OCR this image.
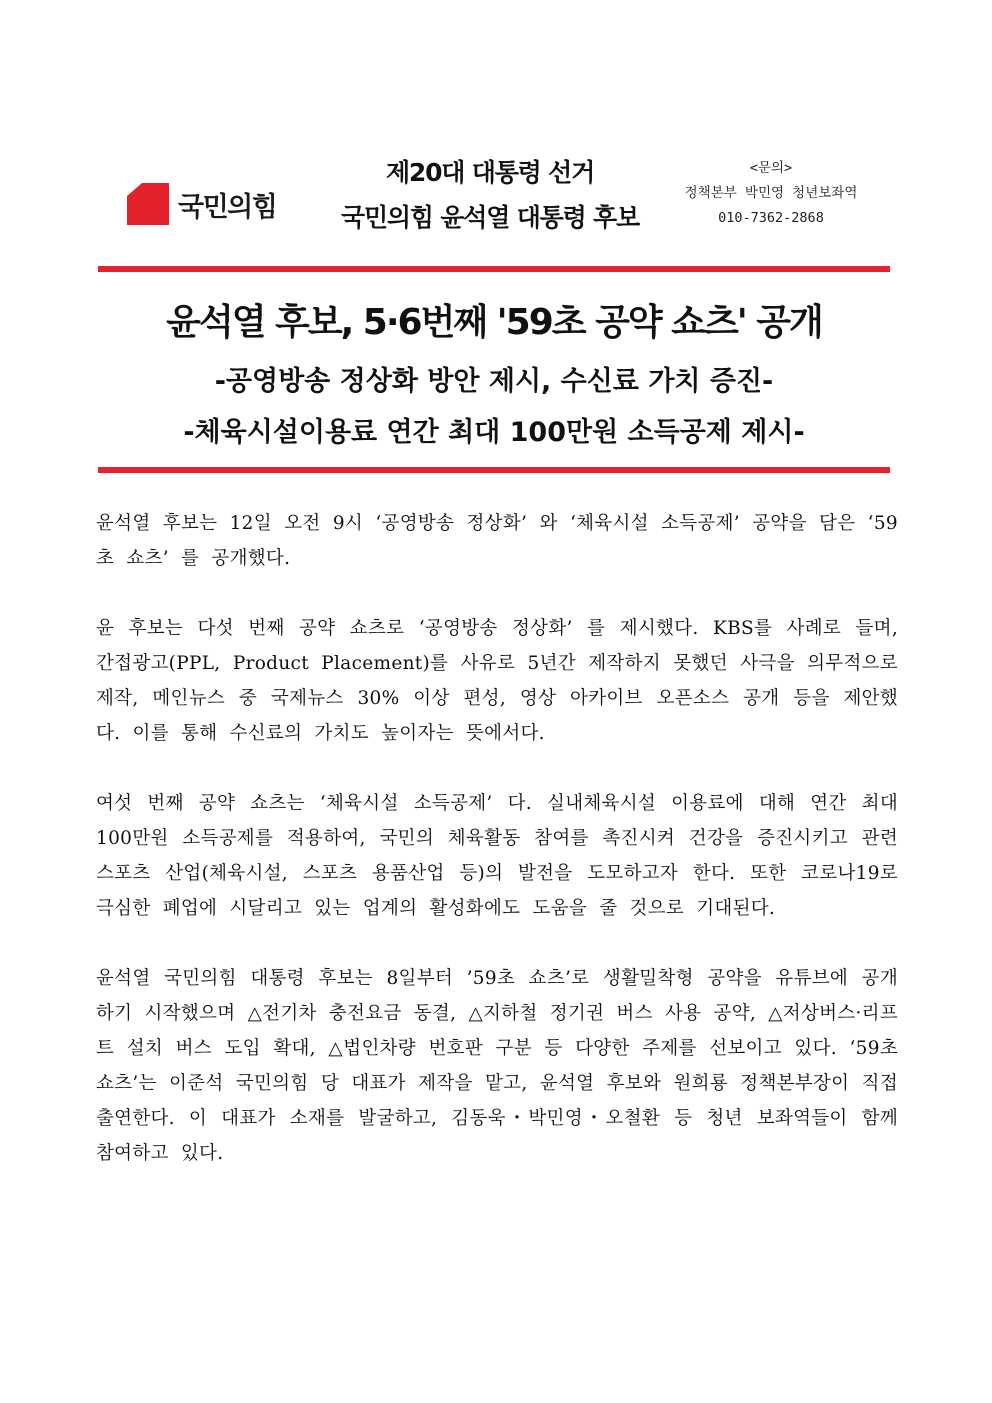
국민의힘
제20대 대통령 선거
국민의힘 윤석열 대통령 후보
<문의>
정책본부 박민영 청년보좌역
010-7362-2868
윤석열 후보, 5·6번째 '59초 공약 쇼츠' 공개
-공영방송 정상화 방안 제시, 수신료 가치 증진-
-체육시설이용료 연간 최대 100만원 소득공제 제시-

윤석열 후보는 12일 오전 9시 ‘공영방송 정상화’ 와 ‘체육시설 소득공제’ 공약을 담은 ‘59초 쇼츠’ 를 공개했다.

윤 후보는 다섯 번째 공약 쇼츠로 ‘공영방송 정상화’ 를 제시했다. KBS를 사례로 들며, 간접광고(PPL, Product Placement)를 사유로 5년간 제작하지 못했던 사극을 의무적으로 제작, 메인뉴스 중 국제뉴스 30% 이상 편성, 영상 아카이브 오픈소스 공개 등을 제안했다. 이를 통해 수신료의 가치도 높이자는 뜻에서다.

여섯 번째 공약 쇼츠는 ‘체육시설 소득공제’ 다. 실내체육시설 이용료에 대해 연간 최대 100만원 소득공제를 적용하여, 국민의 체육활동 참여를 촉진시켜 건강을 증진시키고 관련 스포츠 산업(체육시설, 스포츠 용품산업 등)의 발전을 도모하고자 한다. 또한 코로나19로 극심한 폐업에 시달리고 있는 업계의 활성화에도 도움을 줄 것으로 기대된다.

윤석열 국민의힘 대통령 후보는 8일부터 ’59초 쇼츠’로 생활밀착형 공약을 유튜브에 공개하기 시작했으며 △전기차 충전요금 동결, △지하철 정기권 버스 사용 공약, △저상버스·리프트 설치 버스 도입 확대, △법인차량 번호판 구분 등 다양한 주제를 선보이고 있다. ‘59초 쇼츠’는 이준석 국민의힘 당 대표가 제작을 맡고, 윤석열 후보와 원희룡 정책본부장이 직접 출연한다. 이 대표가 소재를 발굴하고, 김동욱・박민영・오철환 등 청년 보좌역들이 함께 참여하고 있다.
